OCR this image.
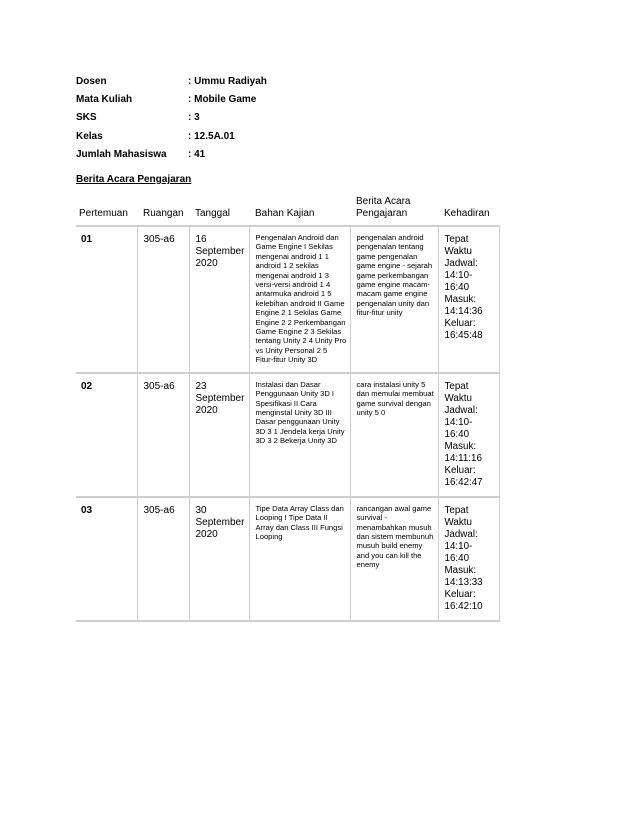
Dosen	: Ummu Radiyah
Mata Kuliah	: Mobile Game
SKS	: 3
Kelas	: 12.5A.01
Jumlah Mahasiswa	: 41
Berita Acara Pengajaran
Pertemuan	Ruangan	Tanggal	Bahan Kajian	Berita Acara Pengajaran	Kehadiran
01	305-a6	16 September 2020	Pengenalan Android dan Game Engine I Sekilas mengenai android 1 1 android 1 2 sekilas mengenai android 1 3 versi-versi android 1 4 antarmuka android 1 5 kelebihan android II Game Engine 2 1 Sekilas Game Engine 2 2 Perkembangan Game Engine 2 3 Sekilas tentang Unity 2 4 Unity Pro vs Unity Personal 2 5 Fitur-fitur Unity 3D	pengenalan android pengenalan tentang game pengenalan game engine - sejarah game perkembangan game engine macam-macam game engine pengenalan unity dan fitur-fitur unity	Tepat Waktu Jadwal: 14:10-16:40 Masuk: 14:14:36 Keluar: 16:45:48
02	305-a6	23 September 2020	Instalasi dan Dasar Penggunaan Unity 3D I Spesifikasi II Cara menginstal Unity 3D III Dasar penggunaan Unity 3D 3 1 Jendela kerja Unity 3D 3 2 Bekerja Unity 3D	cara instalasi unity 5 dan memulai membuat game survival dengan unity 5 0	Tepat Waktu Jadwal: 14:10-16:40 Masuk: 14:11:16 Keluar: 16:42:47
03	305-a6	30 September 2020	Tipe Data Array Class dan Looping I Tipe Data II Array dan Class III Fungsi Looping	rancangan awal game survival - menambahkan musuh dan sistem membunuh musuh build enemy and you can kill the enemy	Tepat Waktu Jadwal: 14:10-16:40 Masuk: 14:13:33 Keluar: 16:42:10
